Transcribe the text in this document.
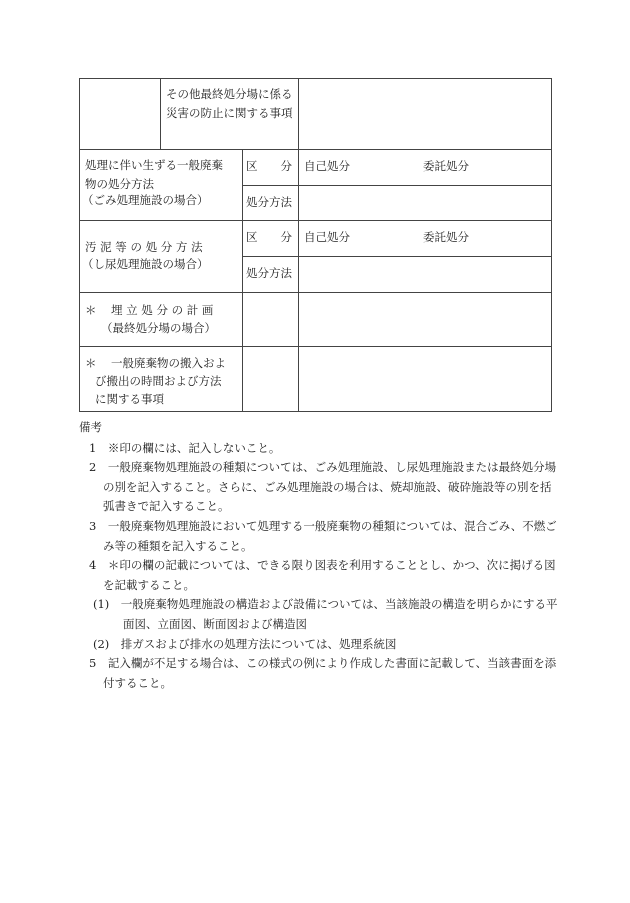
その他最終処分場に係る災害の防止に関する事項
処理に伴い生ずる一般廃棄
物の処分方法
（ごみ処理施設の場合）
区　　分 自己処分	委託処分
処分方法
汚 泥 等 の 処 分 方 法
（し尿処理施設の場合）
区　　分 自己処分	委託処分
処分方法
＊ 埋 立 処 分 の 計 画
（最終処分場の場合）
＊ 一般廃棄物の搬入およ
び搬出の時間および方法
に関する事項

備考

1　※印の欄には、記入しないこと。

2　一般廃棄物処理施設の種類については、ごみ処理施設、し尿処理施設または最終処分場の別を記入すること。さらに、ごみ処理施設の場合は、焼却施設、破砕施設等の別を括弧書きで記入すること。

3　一般廃棄物処理施設において処理する一般廃棄物の種類については、混合ごみ、不燃ごみ等の種類を記入すること。

4　＊印の欄の記載については、できる限り図表を利用することとし、かつ、次に掲げる図を記載すること。

(1)　一般廃棄物処理施設の構造および設備については、当該施設の構造を明らかにする平面図、立面図、断面図および構造図

(2)　排ガスおよび排水の処理方法については、処理系統図

5　記入欄が不足する場合は、この様式の例により作成した書面に記載して、当該書面を添付すること。
